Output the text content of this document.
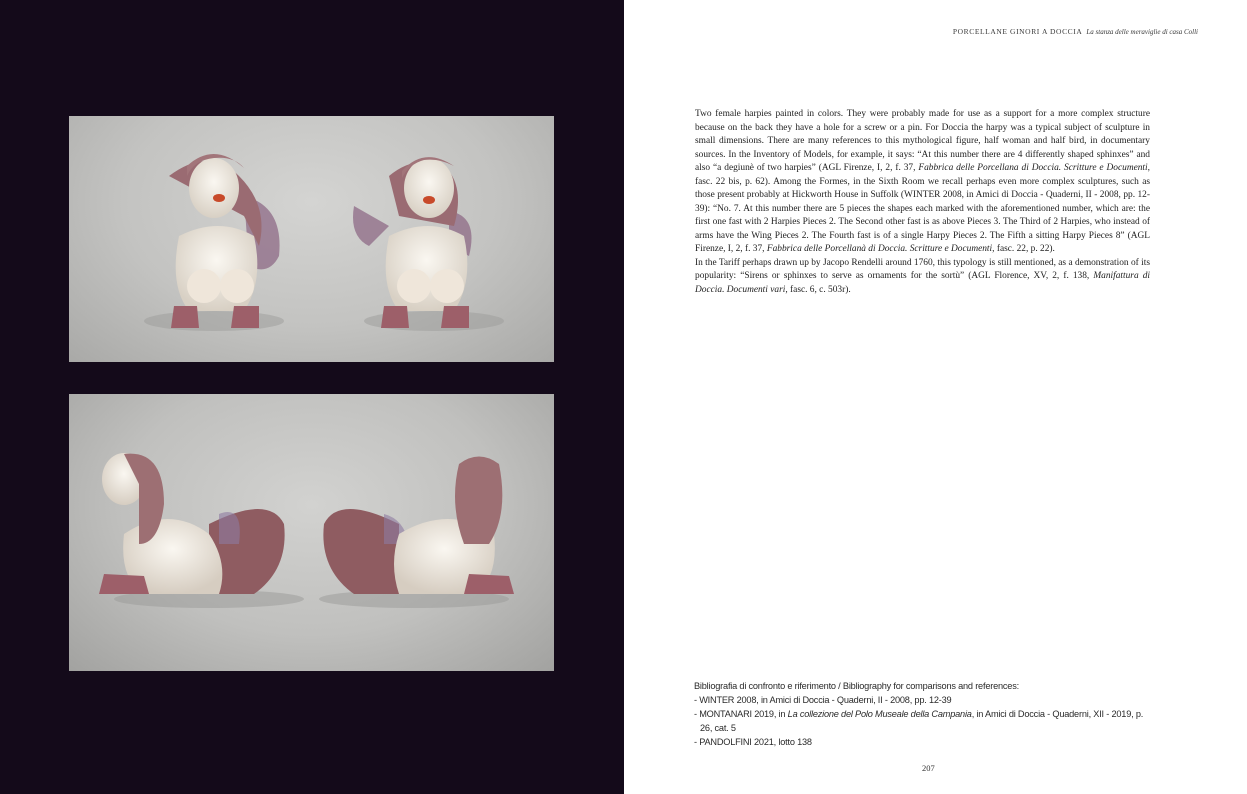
PORCELLANE GINORI A DOCCIA La stanza delle meraviglie di casa Colli

Two female harpies painted in colors. They were probably made for use as a support for a more complex structure because on the back they have a hole for a screw or a pin. For Doccia the harpy was a typical subject of sculpture in small dimensions. There are many references to this mythological figure, half woman and half bird, in documentary sources. In the Inventory of Models, for example, it says: “At this number there are 4 differently shaped sphinxes” and also “a degiunè of two harpies” (AGL Firenze, I, 2, f. 37, Fabbrica delle Porcellana di Doccia. Scritture e Documenti, fasc. 22 bis, p. 62). Among the Formes, in the Sixth Room we recall perhaps even more complex sculptures, such as those present probably at Hickworth House in Suffolk (WINTER 2008, in Amici di Doccia - Quaderni, II - 2008, pp. 12-39): “No. 7. At this number there are 5 pieces the shapes each marked with the aforementioned number, which are: the first one fast with 2 Harpies Pieces 2. The Second other fast is as above Pieces 3. The Third of 2 Harpies, who instead of arms have the Wing Pieces 2. The Fourth fast is of a single Harpy Pieces 2. The Fifth a sitting Harpy Pieces 8” (AGL Firenze, I, 2, f. 37, Fabbrica delle Porcellanà di Doccia. Scritture e Documenti, fasc. 22, p. 22).

In the Tariff perhaps drawn up by Jacopo Rendelli around 1760, this typology is still mentioned, as a demonstration of its popularity: “Sirens or sphinxes to serve as ornaments for the sortù” (AGL Florence, XV, 2, f. 138, Manifattura di Doccia. Documenti vari, fasc. 6, c. 503r).

Bibliografia di confronto e riferimento / Bibliography for comparisons and references:
- WINTER 2008, in Amici di Doccia - Quaderni, II - 2008, pp. 12-39
- MONTANARI 2019, in La collezione del Polo Museale della Campania, in Amici di Doccia - Quaderni, XII - 2019, p.
26, cat. 5
- PANDOLFINI 2021, lotto 138
207
